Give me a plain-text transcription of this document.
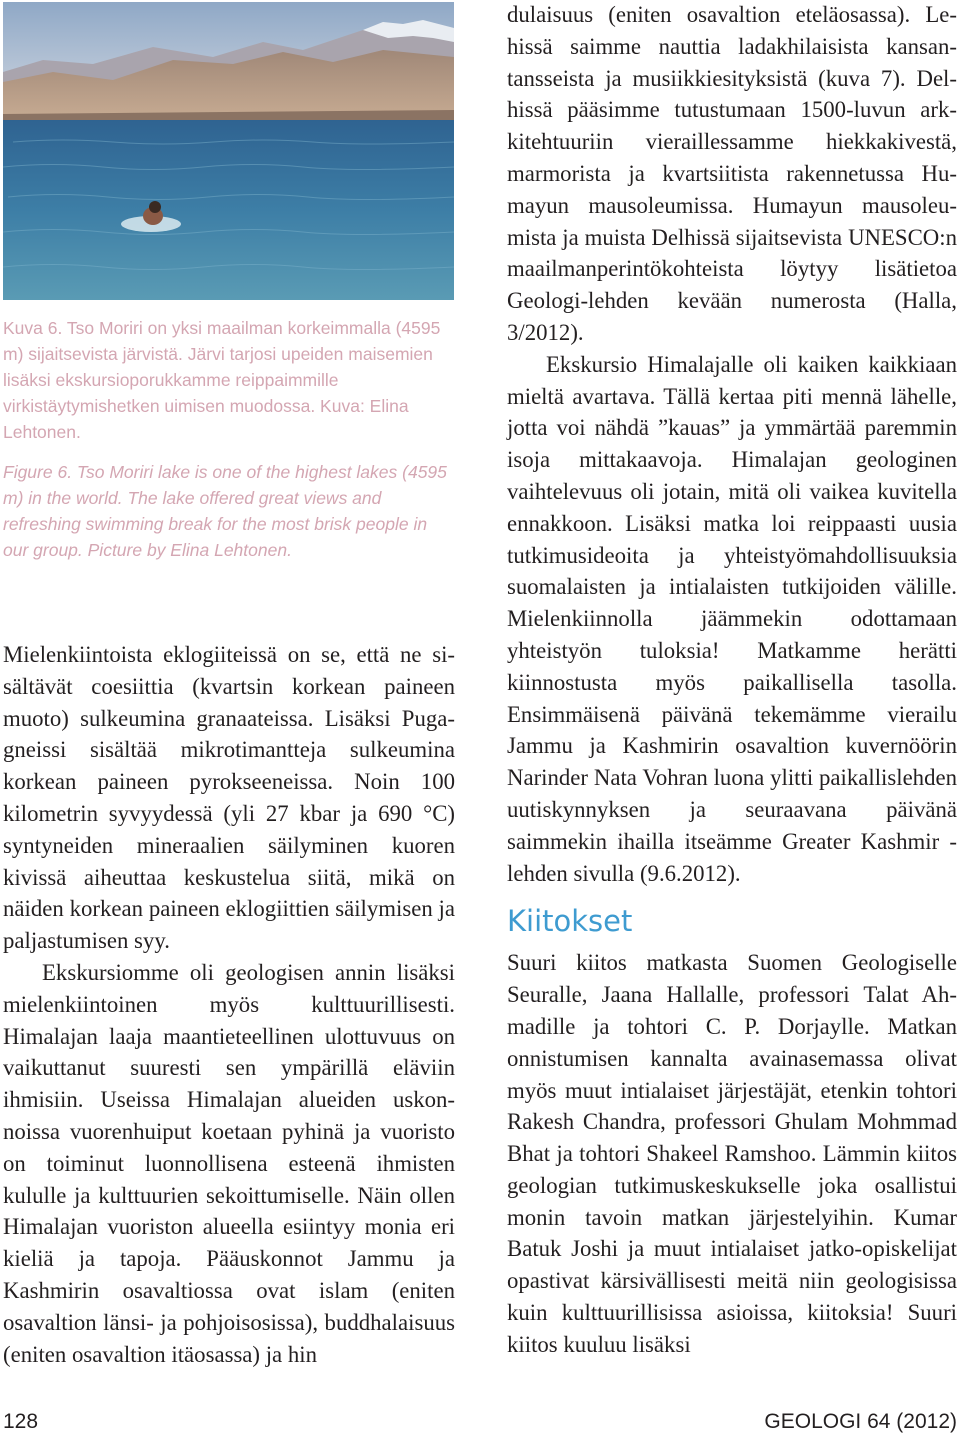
Kuva 6. Tso Moriri on yksi maailman korkeimmalla (4595 m) sijaitsevista järvistä. Järvi tarjosi upeiden maisemien lisäksi ekskursioporukkamme reippaimmille virkistäytymishetken uimisen muodossa. Kuva: Elina Lehtonen.

Figure 6. Tso Moriri lake is one of the highest lakes (4595 m) in the world. The lake offered great views and refreshing swimming break for the most brisk people in our group. Picture by Elina Lehtonen.

Mielenkiintoista eklogiiteissä on se, että ne sisältävät coesiittia (kvartsin korkean paineen muoto) sulkeumina granaateissa. Lisäksi Puga-gneissi sisältää mikrotimantteja sulkeumina korkean paineen pyrokseeneissa. Noin 100 kilometrin syvyydessä (yli 27 kbar ja 690 °C) syntyneiden mineraalien säilyminen kuoren kivissä aiheuttaa keskustelua siitä, mikä on näiden korkean paineen eklogiittien säilymisen ja paljastumisen syy.

Ekskursiomme oli geologisen annin lisäksi mielenkiintoinen myös kulttuurillisesti. Himalajan laaja maantieteellinen ulottuvuus on vaikuttanut suuresti sen ympärillä eläviin ihmisiin. Useissa Himalajan alueiden uskonnoissa vuorenhuiput koetaan pyhinä ja vuoristo on toiminut luonnollisena esteenä ihmisten kululle ja kulttuurien sekoittumiselle. Näin ollen Himalajan vuoriston alueella esiintyy monia eri kieliä ja tapoja. Pääuskonnot Jammu ja Kashmirin osavaltiossa ovat islam (eniten osavaltion länsi- ja pohjoisosissa), buddhalaisuus (eniten osavaltion itäosassa) ja hin

dulaisuus (eniten osavaltion eteläosassa). Lehissä saimme nauttia ladakhilaisista kansantansseista ja musiikkiesityksistä (kuva 7). Delhissä pääsimme tutustumaan 1500-luvun arkkitehtuuriin vieraillessamme hiekkakivestä, marmorista ja kvartsiitista rakennetussa Humayun mausoleumissa. Humayun mausoleumista ja muista Delhissä sijaitsevista UNESCO:n maailmanperintökohteista löytyy lisätietoa Geologi-lehden kevään numerosta (Halla, 3/2012).

Ekskursio Himalajalle oli kaiken kaikkiaan mieltä avartava. Tällä kertaa piti mennä lähelle, jotta voi nähdä ”kauas” ja ymmärtää paremmin isoja mittakaavoja. Himalajan geologinen vaihtelevuus oli jotain, mitä oli vaikea kuvitella ennakkoon. Lisäksi matka loi reippaasti uusia tutkimusideoita ja yhteistyömahdollisuuksia suomalaisten ja intialaisten tutkijoiden välille. Mielenkiinnolla jäämmekin odottamaan yhteistyön tuloksia! Matkamme herätti kiinnostusta myös paikallisella tasolla. Ensimmäisenä päivänä tekemämme vierailu Jammu ja Kashmirin osavaltion kuvernöörin Narinder Nata Vohran luona ylitti paikallislehden uutiskynnyksen ja seuraavana päivänä saimmekin ihailla itseämme Greater Kashmir -lehden sivulla (9.6.2012).

Kiitokset

Suuri kiitos matkasta Suomen Geologiselle Seuralle, Jaana Hallalle, professori Talat Ahmadille ja tohtori C. P. Dorjaylle. Matkan onnistumisen kannalta avainasemassa olivat myös muut intialaiset järjestäjät, etenkin tohtori Rakesh Chandra, professori Ghulam Mohmmad Bhat ja tohtori Shakeel Ramshoo. Lämmin kiitos geologian tutkimuskeskukselle joka osallistui monin tavoin matkan järjestelyihin. Kumar Batuk Joshi ja muut intialaiset jatko-opiskelijat opastivat kärsivällisesti meitä niin geologisissa kuin kulttuurillisissa asioissa, kiitoksia! Suuri kiitos kuuluu lisäksi

128	GEOLOGI 64 (2012)
